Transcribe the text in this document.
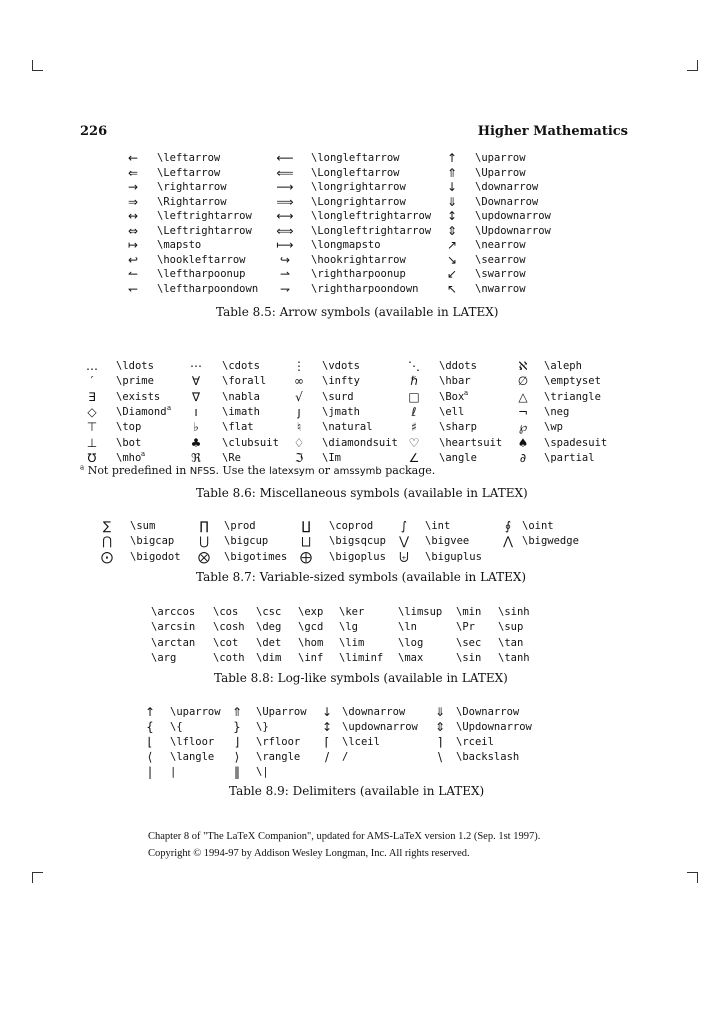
226	Higher Mathematics
←	\leftarrow	⟵ \longleftarrow	↑	\uparrow
⇐	\Leftarrow	⟸ \Longleftarrow	⇑	\Uparrow
→	\rightarrow	⟶ \longrightarrow	↓	\downarrow
⇒	\Rightarrow	⟹ \Longrightarrow	⇓	\Downarrow
↔	\leftrightarrow ⟷ \longleftrightarrow	↕	\updownarrow
⇔	\Leftrightarrow ⟺ \Longleftrightarrow	⇕	\Updownarrow
↦	\mapsto	⟼ \longmapsto	↗	\nearrow
↩	\hookleftarrow	↪	\hookrightarrow	↘	\searrow
↼	\leftharpoonup	⇀	\rightharpoonup	↙	\swarrow
↽	\leftharpoondown	⇁	\rightharpoondown	↖	\nwarrow
Table 8.5: Arrow symbols (available in LATEX)
…	\ldots	⋯	\cdots	⋮	\vdots	⋱	\ddots	ℵ	\aleph
′	\prime	∀	\forall	∞	\infty	ℏ	\hbar	∅	\emptyset
∃	\exists	∇	\nabla	√	\surd	□	\Box a	△	\triangle
◇	\Diamond a	ı	\imath	ȷ	\jmath	ℓ	\ell	¬	\neg
⊤	\top	♭	\flat	♮	\natural	♯	\sharp	℘	\wp
⊥	\bot	♣	\clubsuit	♢	\diamondsuit ♡	\heartsuit	♠	\spadesuit
℧	\mho a	ℜ	\Re	ℑ	\Im	∠	\angle	∂	\partial
$^a$ Not predefined in NFSS. Use the latexsym or amssymb package.
Table 8.6: Miscellaneous symbols (available in LATEX)
∑	\sum	∏	\prod	∐	\coprod	∫	\int	∮	\oint
⋂	\bigcap	⋃	\bigcup	⨆	\bigsqcup	⋁	\bigvee	⋀ \bigwedge
⨀	\bigodot	⨂	\bigotimes	⨁	\bigoplus	⨄	\biguplus
Table 8.7: Variable-sized symbols (available in LATEX)
\arccos \cos \csc \exp \ker	\limsup \min \sinh
\arcsin \cosh \deg \gcd \lg	\ln	\Pr \sup
\arctan \cot \det \hom \lim	\log	\sec \tan
\arg	\coth \dim \inf \liminf \max	\sin \tanh
Table 8.8: Log-like symbols (available in LATEX)
↑	\uparrow ⇑	\Uparrow	↓ \downarrow	⇓	\Downarrow
{	\{	}	\}	↕ \updownarrow	⇕	\Updownarrow
⌊	\lfloor	⌋	\rfloor	⌈	\lceil	⌉	\rceil
⟨	\langle	⟩	\rangle	/	/	\	\backslash
|	|	‖	\|
Table 8.9: Delimiters (available in LATEX)
Chapter 8 of "The LaTeX Companion", updated for AMS-LaTeX version 1.2 (Sep. 1st 1997).
Copyright © 1994-97 by Addison Wesley Longman, Inc. All rights reserved.
